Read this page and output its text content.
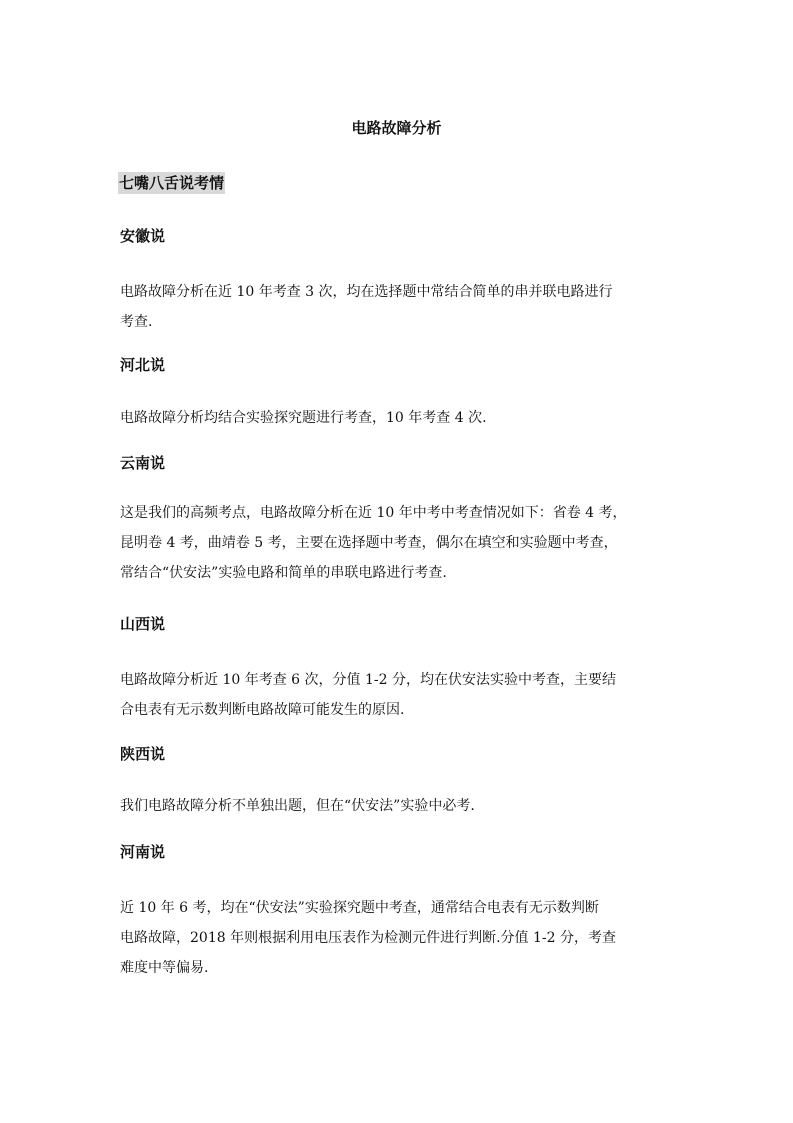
电路故障分析
七嘴八舌说考情
安徽说
电路故障分析在近 10 年考查 3 次，均在选择题中常结合简单的串并联电路进行
考查.
河北说
电路故障分析均结合实验探究题进行考查，10 年考查 4 次.
云南说
这是我们的高频考点，电路故障分析在近 10 年中考中考查情况如下：省卷 4 考，
昆明卷 4 考，曲靖卷 5 考，主要在选择题中考查，偶尔在填空和实验题中考查，
常结合“伏安法”实验电路和简单的串联电路进行考查.
山西说
电路故障分析近 10 年考查 6 次，分值 1-2 分，均在伏安法实验中考查，主要结
合电表有无示数判断电路故障可能发生的原因.
陕西说
我们电路故障分析不单独出题，但在“伏安法”实验中必考.
河南说
近 10 年 6 考，均在“伏安法”实验探究题中考查，通常结合电表有无示数判断
电路故障，2018 年则根据利用电压表作为检测元件进行判断.分值 1-2 分，考查
难度中等偏易.
